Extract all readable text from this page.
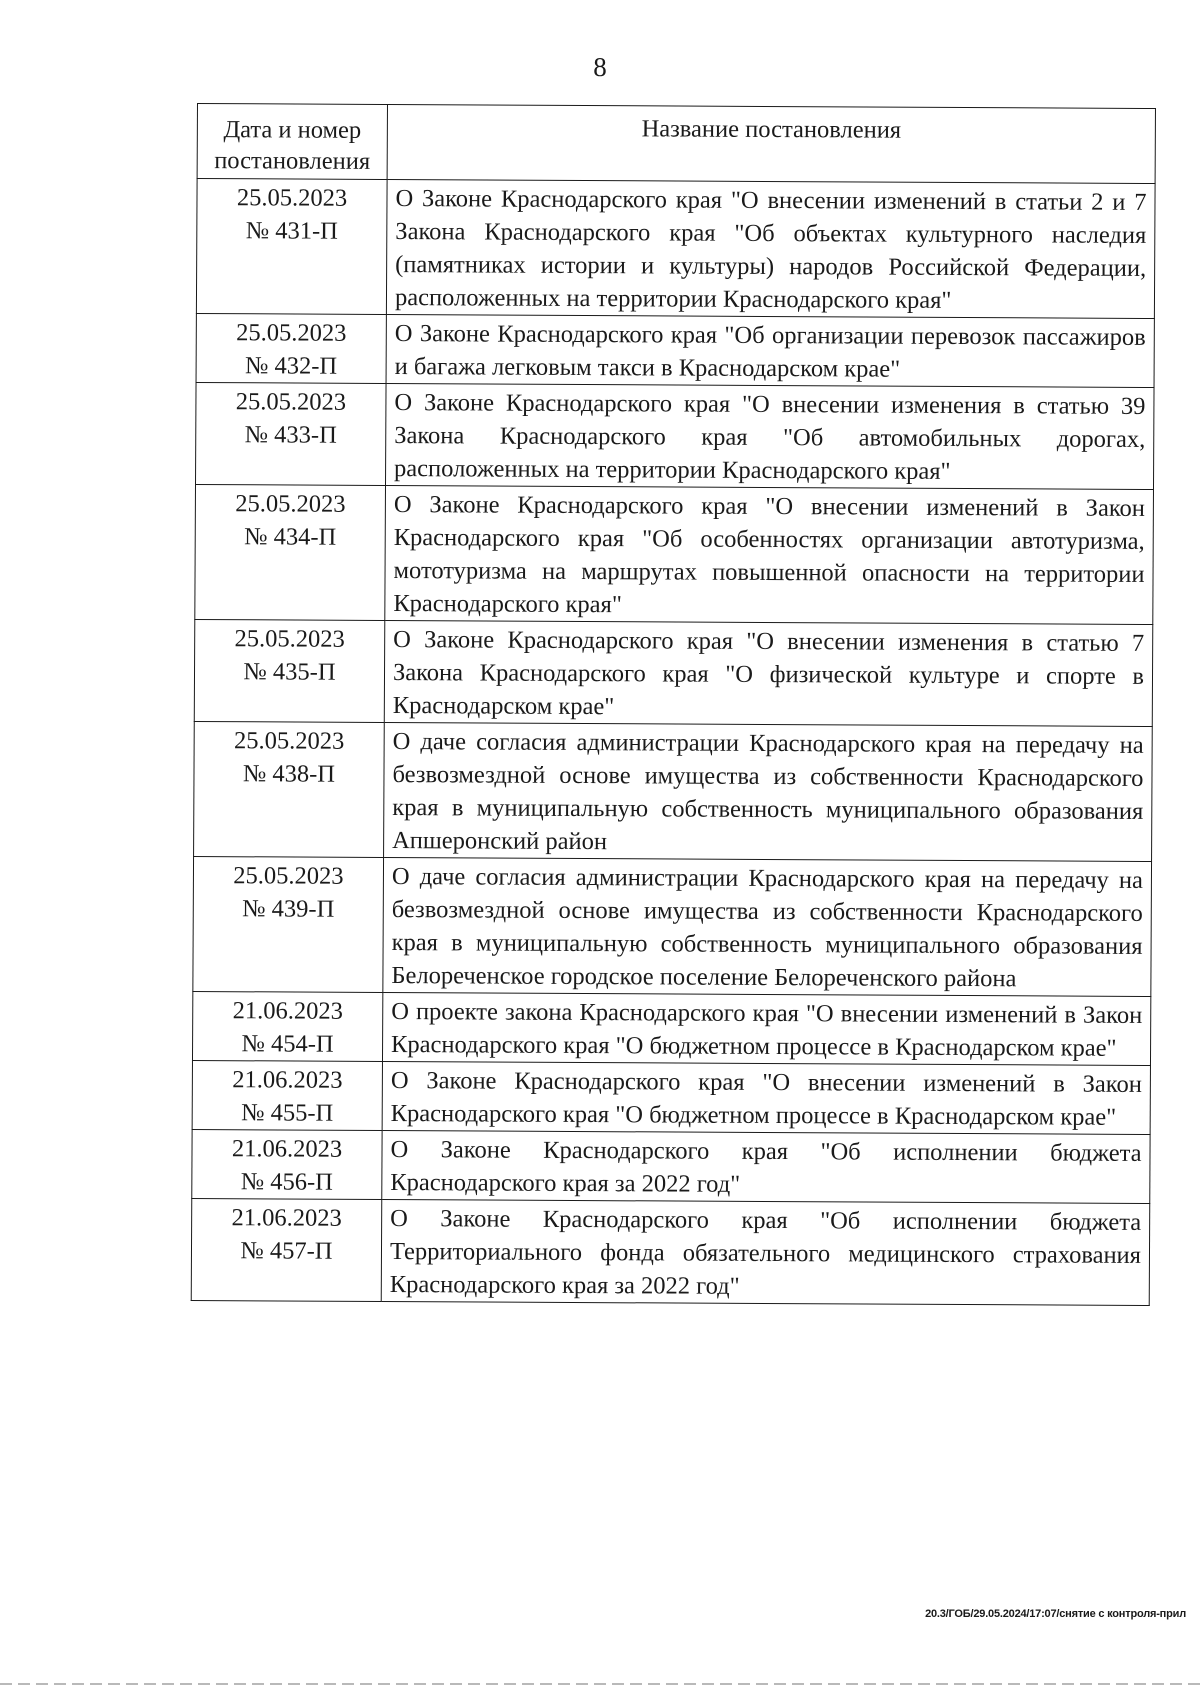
8
Дата и номер постановления	Название постановления

25.05.2023
№ 431-П	О Законе Краснодарского края "О внесении изменений в статьи 2 и 7 Закона Краснодарского края "Об объектах культурного наследия (памятниках истории и культуры) народов Российской Федерации, расположенных на территории Краснодарского края"

25.05.2023
№ 432-П	О Законе Краснодарского края "Об организации перевозок пассажиров и багажа легковым такси в Краснодарском крае"

25.05.2023
№ 433-П	О Законе Краснодарского края "О внесении изменения в статью 39 Закона Краснодарского края "Об автомобильных дорогах, расположенных на территории Краснодарского края"

25.05.2023
№ 434-П	О Законе Краснодарского края "О внесении изменений в Закон Краснодарского края "Об особенностях организации автотуризма, мототуризма на маршрутах повышенной опасности на территории Краснодарского края"

25.05.2023
№ 435-П	О Законе Краснодарского края "О внесении изменения в статью 7 Закона Краснодарского края "О физической культуре и спорте в Краснодарском крае"

25.05.2023
№ 438-П	О даче согласия администрации Краснодарского края на передачу на безвозмездной основе имущества из собственности Краснодарского края в муниципальную собственность муниципального образования Апшеронский район

25.05.2023
№ 439-П	О даче согласия администрации Краснодарского края на передачу на безвозмездной основе имущества из собственности Краснодарского края в муниципальную собственность муниципального образования Белореченское городское поселение Белореченского района

21.06.2023
№ 454-П	О проекте закона Краснодарского края "О внесении изменений в Закон Краснодарского края "О бюджетном процессе в Краснодарском крае"

21.06.2023
№ 455-П	О Законе Краснодарского края "О внесении изменений в Закон Краснодарского края "О бюджетном процессе в Краснодарском крае"

21.06.2023
№ 456-П	О Законе Краснодарского края "Об исполнении бюджета Краснодарского края за 2022 год"

21.06.2023
№ 457-П	О Законе Краснодарского края "Об исполнении бюджета Территориального фонда обязательного медицинского страхования Краснодарского края за 2022 год"
20.3/ГОБ/29.05.2024/17:07/снятие с контроля-прил
